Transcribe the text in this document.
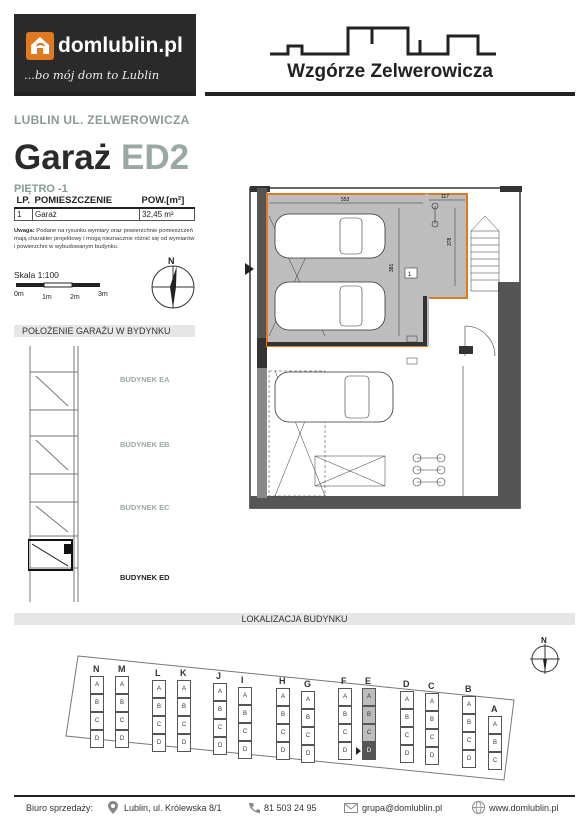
domlublin.pl
...bo mój dom to Lublin	Wzgórze Zelwerowicza
LUBLIN UL. ZELWEROWICZA
Garaż ED2
PIĘTRO -1
LP.	POMIESZCZENIE	POW.[m²]
1	Garaż	32,45 m²
Uwaga: Podane na rysunku wymiary oraz powierzchnie pomieszczeń mają charakter projektowy i mogą nieznacznie różnić się od wymiarów i powierzchni w wybudowanym budynku.
Skala 1:100
0m	1m	2m	3m
N
553	117
381
378
1
POŁOŻENIE GARAŻU W BYDYNKU
BUDYNEK EA
BUDYNEK EB
BUDYNEK EC
BUDYNEK ED
LOKALIZACJA BUDYNKU
N
N
A
B
C
D
M
A
B
C
D
L
A
B
C
D
K
A
B
C
D
J
A
B
C
D
I
A
B
C
D
H
A
B
C
D
G
A
B
C
D
F
A
B
C
D
E
A
B
C
D
D
A
B
C
D
C
A
B
C
D
B
A
B
C
D
A
A
B
C
Biuro sprzedaży:	Lublin, ul. Królewska 8/1	81 503 24 95	grupa@domlublin.pl	www.domlublin.pl
